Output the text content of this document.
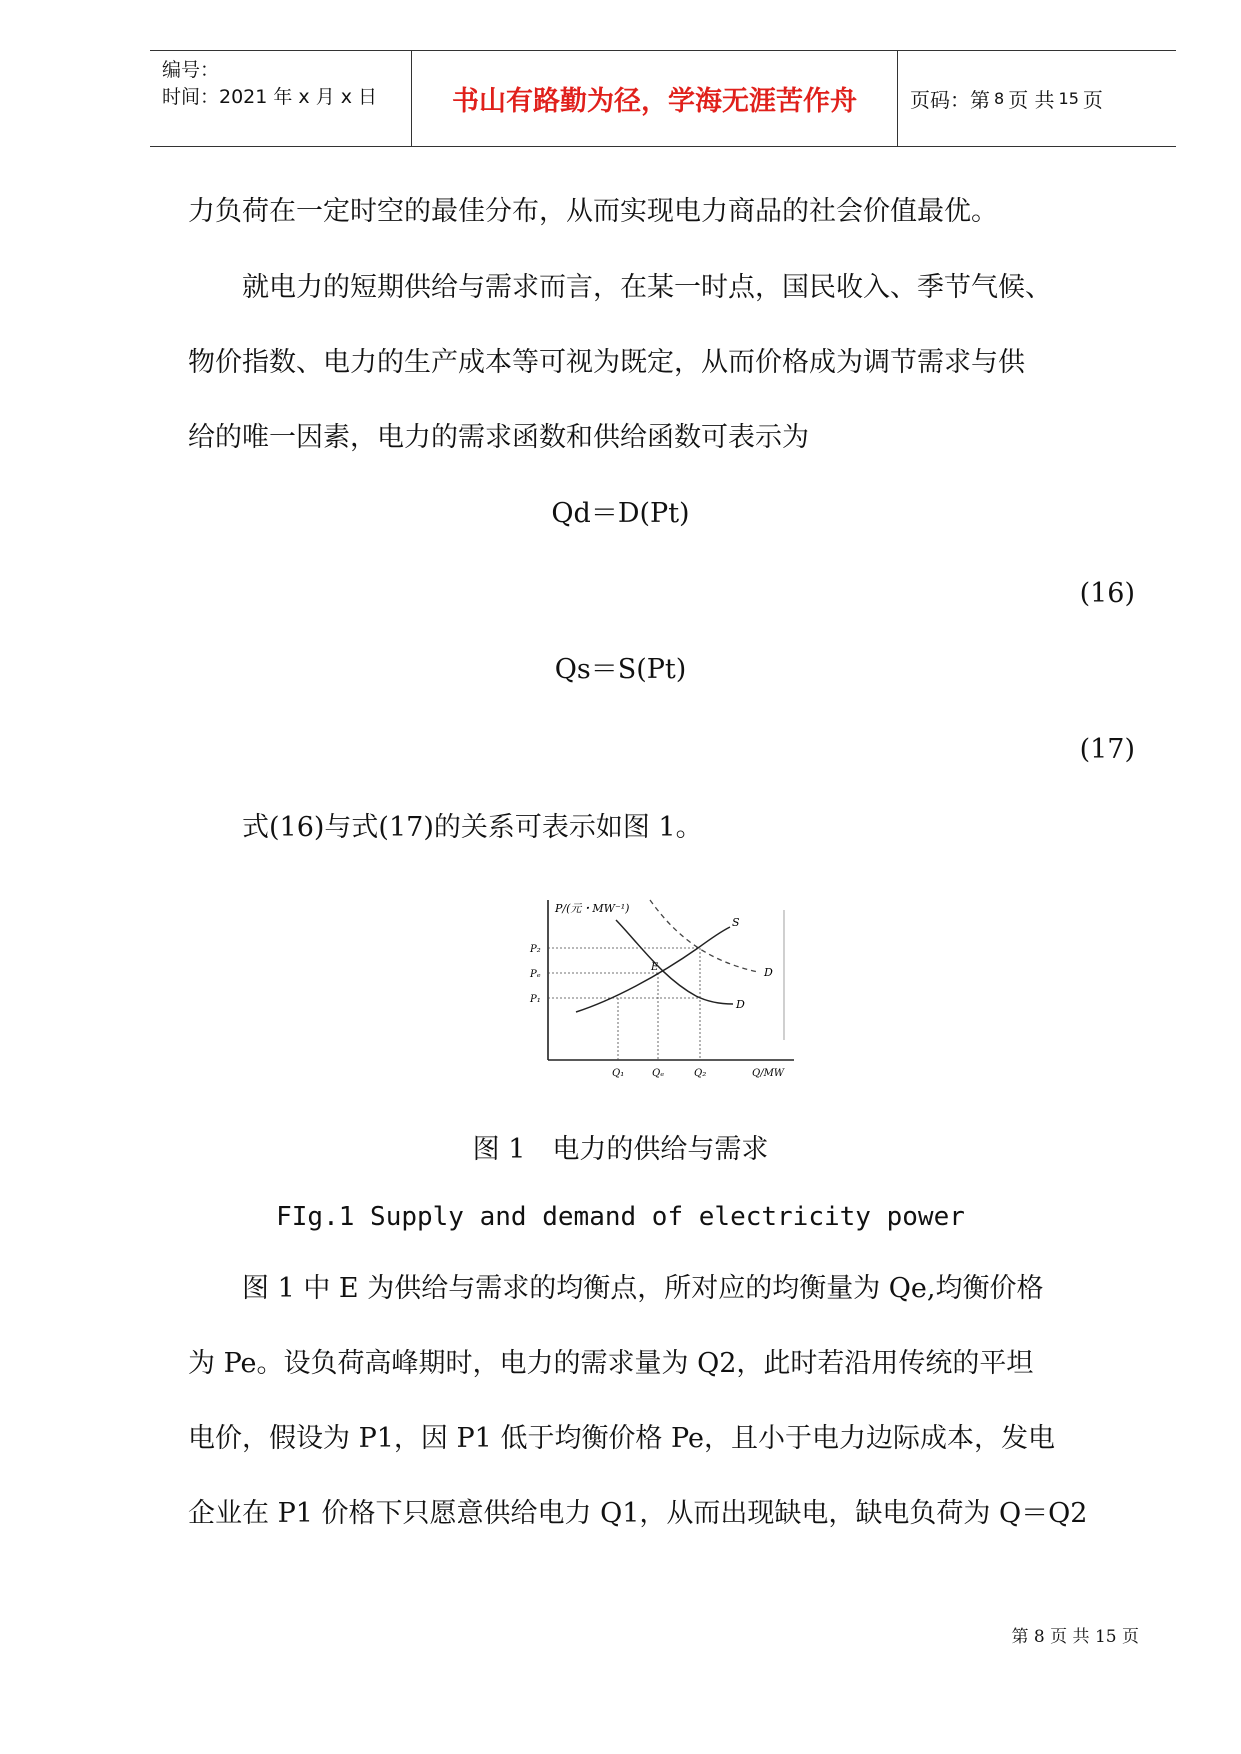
编号：
时间：2021 年 x 月 x 日	书山有路勤为径，学海无涯苦作舟	页码：第 8 页 共 15 页
力负荷在一定时空的最佳分布，从而实现电力商品的社会价值最优。
　　就电力的短期供给与需求而言，在某一时点，国民收入、季节气候、
物价指数、电力的生产成本等可视为既定，从而价格成为调节需求与供
给的唯一因素，电力的需求函数和供给函数可表示为
Qd＝D(Pt)
(16)
Qs＝S(Pt)
(17)
　　式(16)与式(17)的关系可表示如图 1。
P/(元・MW⁻¹)
S
D
D
E
P₂
Pₑ
P₁
Q₁	Qₑ	Q₂	Q/MW
图 1　电力的供给与需求
FIg.1 Supply and demand of electricity power
　　图 1 中 E 为供给与需求的均衡点，所对应的均衡量为 Qe,均衡价格
为 Pe。设负荷高峰期时，电力的需求量为 Q2，此时若沿用传统的平坦
电价，假设为 P1，因 P1 低于均衡价格 Pe，且小于电力边际成本，发电
企业在 P1 价格下只愿意供给电力 Q1，从而出现缺电，缺电负荷为 Q＝Q2
第 8 页 共 15 页
